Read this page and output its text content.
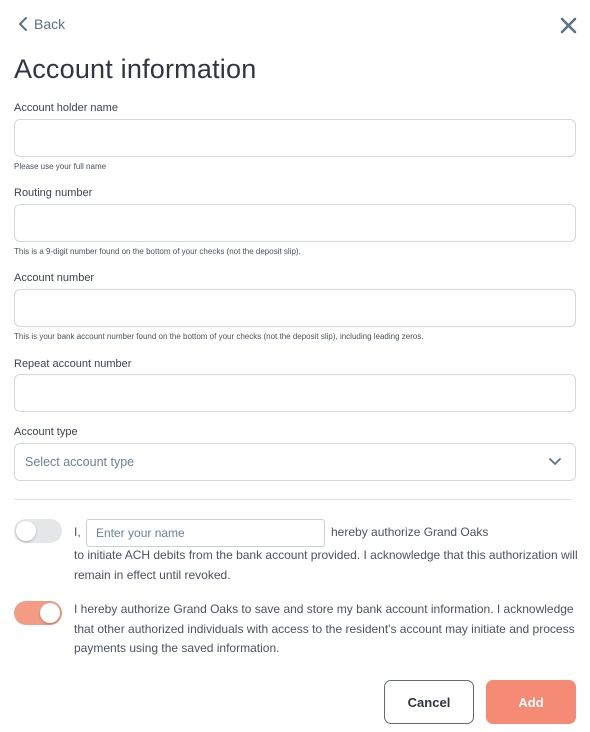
Back
Account information
Account holder name
Please use your full name
Routing number
This is a 9-digit number found on the bottom of your checks (not the deposit slip).
Account number
This is your bank account number found on the bottom of your checks (not the deposit slip), including leading zeros.
Repeat account number
Account type
Select account type
I,
Enter your name	hereby authorize Grand Oaks

to initiate ACH debits from the bank account provided. I acknowledge that this authorization will remain in effect until revoked.

I hereby authorize Grand Oaks to save and store my bank account information. I acknowledge that other authorized individuals with access to the resident's account may initiate and process payments using the saved information.

Cancel	Add
